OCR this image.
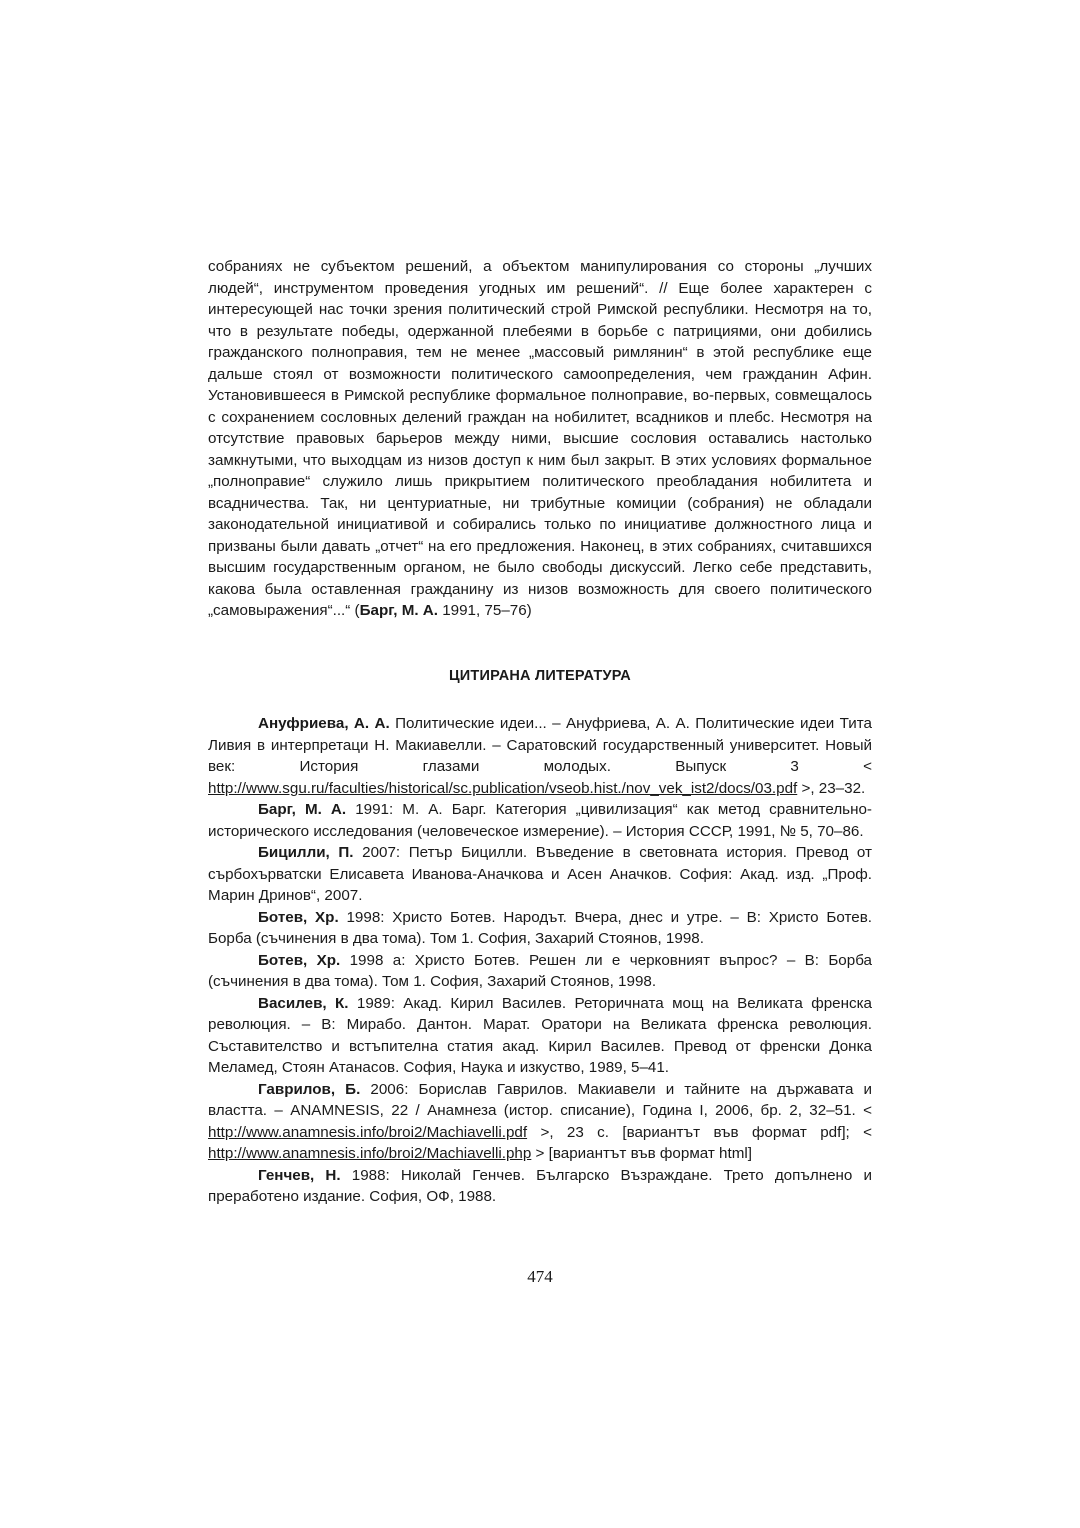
собраниях не субъектом решений, а объектом манипулирования со стороны „лучших людей“, инструментом проведения угодных им решений“. // Еще более характерен с интересующей нас точки зрения политический строй Римской республики. Несмотря на то, что в результате победы, одержанной плебеями в борьбе с патрициями, они добились гражданского полноправия, тем не менее „массовый римлянин“ в этой республике еще дальше стоял от возможности политического самоопределения, чем гражданин Афин. Установившееся в Римской республике формальное полноправие, во-первых, совмещалось с сохранением сословных делений граждан на нобилитет, всадников и плебс. Несмотря на отсутствие правовых барьеров между ними, высшие сословия оставались настолько замкнутыми, что выходцам из низов доступ к ним был закрыт. В этих условиях формальное „полноправие“ служило лишь прикрытием политического преобладания нобилитета и всадничества. Так, ни центуриатные, ни трибутные комиции (собрания) не обладали законодательной инициативой и собирались только по инициативе должностного лица и призваны были давать „отчет“ на его предложения. Наконец, в этих собраниях, считавшихся высшим государственным органом, не было свободы дискуссий. Легко себе представить, какова была оставленная гражданину из низов возможность для своего политического „самовыражения“...“ (Барг, М. А. 1991, 75–76)

ЦИТИРАНА ЛИТЕРАТУРА

Ануфриева, А. А. Политические идеи... – Ануфриева, А. А. Политические идеи Тита Ливия в интерпретаци Н. Макиавелли. – Саратовский государственный университет. Новый век: История глазами молодых. Выпуск 3 < http://www.sgu.ru/faculties/historical/sc.publication/vseob.hist./nov_vek_ist2/docs/03.pdf >, 23–32.

Барг, М. А. 1991: М. А. Барг. Категория „цивилизация“ как метод сравнительно-исторического исследования (человеческое измерение). – История СССР, 1991, № 5, 70–86.

Бицилли, П. 2007: Петър Бицилли. Въведение в световната история. Превод от сърбохърватски Елисавета Иванова-Аначкова и Асен Аначков. София: Акад. изд. „Проф. Марин Дринов“, 2007.

Ботев, Хр. 1998: Христо Ботев. Народът. Вчера, днес и утре. – В: Христо Ботев. Борба (съчинения в два тома). Том 1. София, Захарий Стоянов, 1998.

Ботев, Хр. 1998 а: Христо Ботев. Решен ли е черковният въпрос? – В: Борба (съчинения в два тома). Том 1. София, Захарий Стоянов, 1998.

Василев, К. 1989: Акад. Кирил Василев. Реторичната мощ на Великата френска революция. – В: Мирабо. Дантон. Марат. Оратори на Великата френска революция. Съставителство и встъпителна статия акад. Кирил Василев. Превод от френски Донка Меламед, Стоян Атанасов. София, Наука и изкуство, 1989, 5–41.

Гаврилов, Б. 2006: Борислав Гаврилов. Макиавели и тайните на държавата и властта. – ANAMNESIS, 22 / Анамнеза (истор. списание), Година I, 2006, бр. 2, 32–51. < http://www.anamnesis.info/broi2/Machiavelli.pdf >, 23 с. [вариантът във формат pdf]; < http://www.anamnesis.info/broi2/Machiavelli.php > [вариантът във формат html]

Генчев, Н. 1988: Николай Генчев. Българско Възраждане. Трето допълнено и преработено издание. София, ОФ, 1988.

474
